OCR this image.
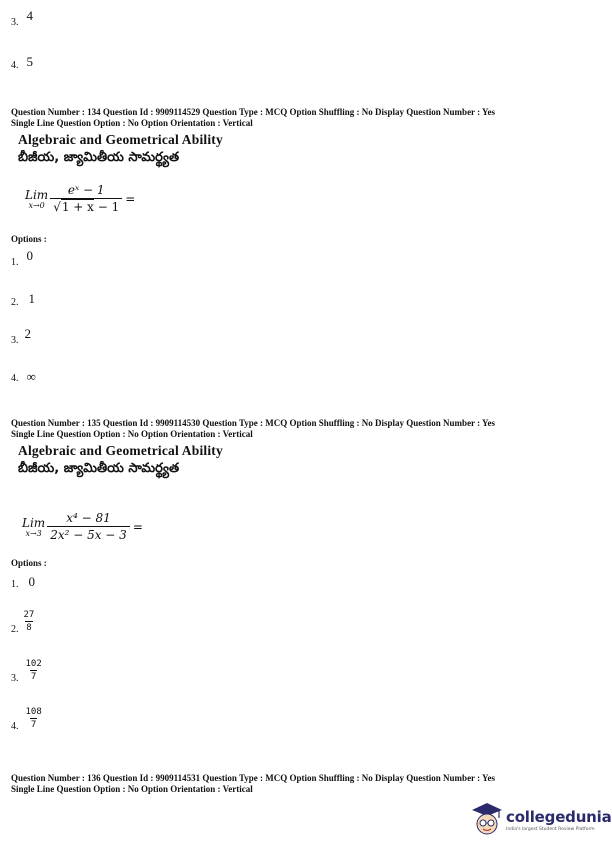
3. $^4$
4. 5
Question Number : 134 Question Id : 9909114529 Question Type : MCQ Option Shuffling : No Display Question Number : Yes
Single Line Question Option : No Option Orientation : Vertical
Algebraic and Geometrical Ability
బీజీయ, జ్యామితీయ సామర్థ్యత
Lim
$x\to 0 \frac{\text{eˣ − 1}}{√1 + x - 1}$ =
Options :
1. $^0$
2. 1
3. $^2$
4. ∞
Question Number : 135 Question Id : 9909114530 Question Type : MCQ Option Shuffling : No Display Question Number : Yes
Single Line Question Option : No Option Orientation : Vertical
Algebraic and Geometrical Ability
బీజీయ, జ్యామితీయ సామర్థ్యత
Lim
$x\to 3 \frac{\text{x⁴ − 81}}{\text{2x² − 5x − 3}}$ =
Options :
1. 0
2. $\frac{27}{8}$
3. $\frac{102}{7}$
4. $\frac{108}{7}$
Question Number : 136 Question Id : 9909114531 Question Type : MCQ Option Shuffling : No Display Question Number : Yes
Single Line Question Option : No Option Orientation : Vertical
collegedunia
India's largest Student Review Platform
